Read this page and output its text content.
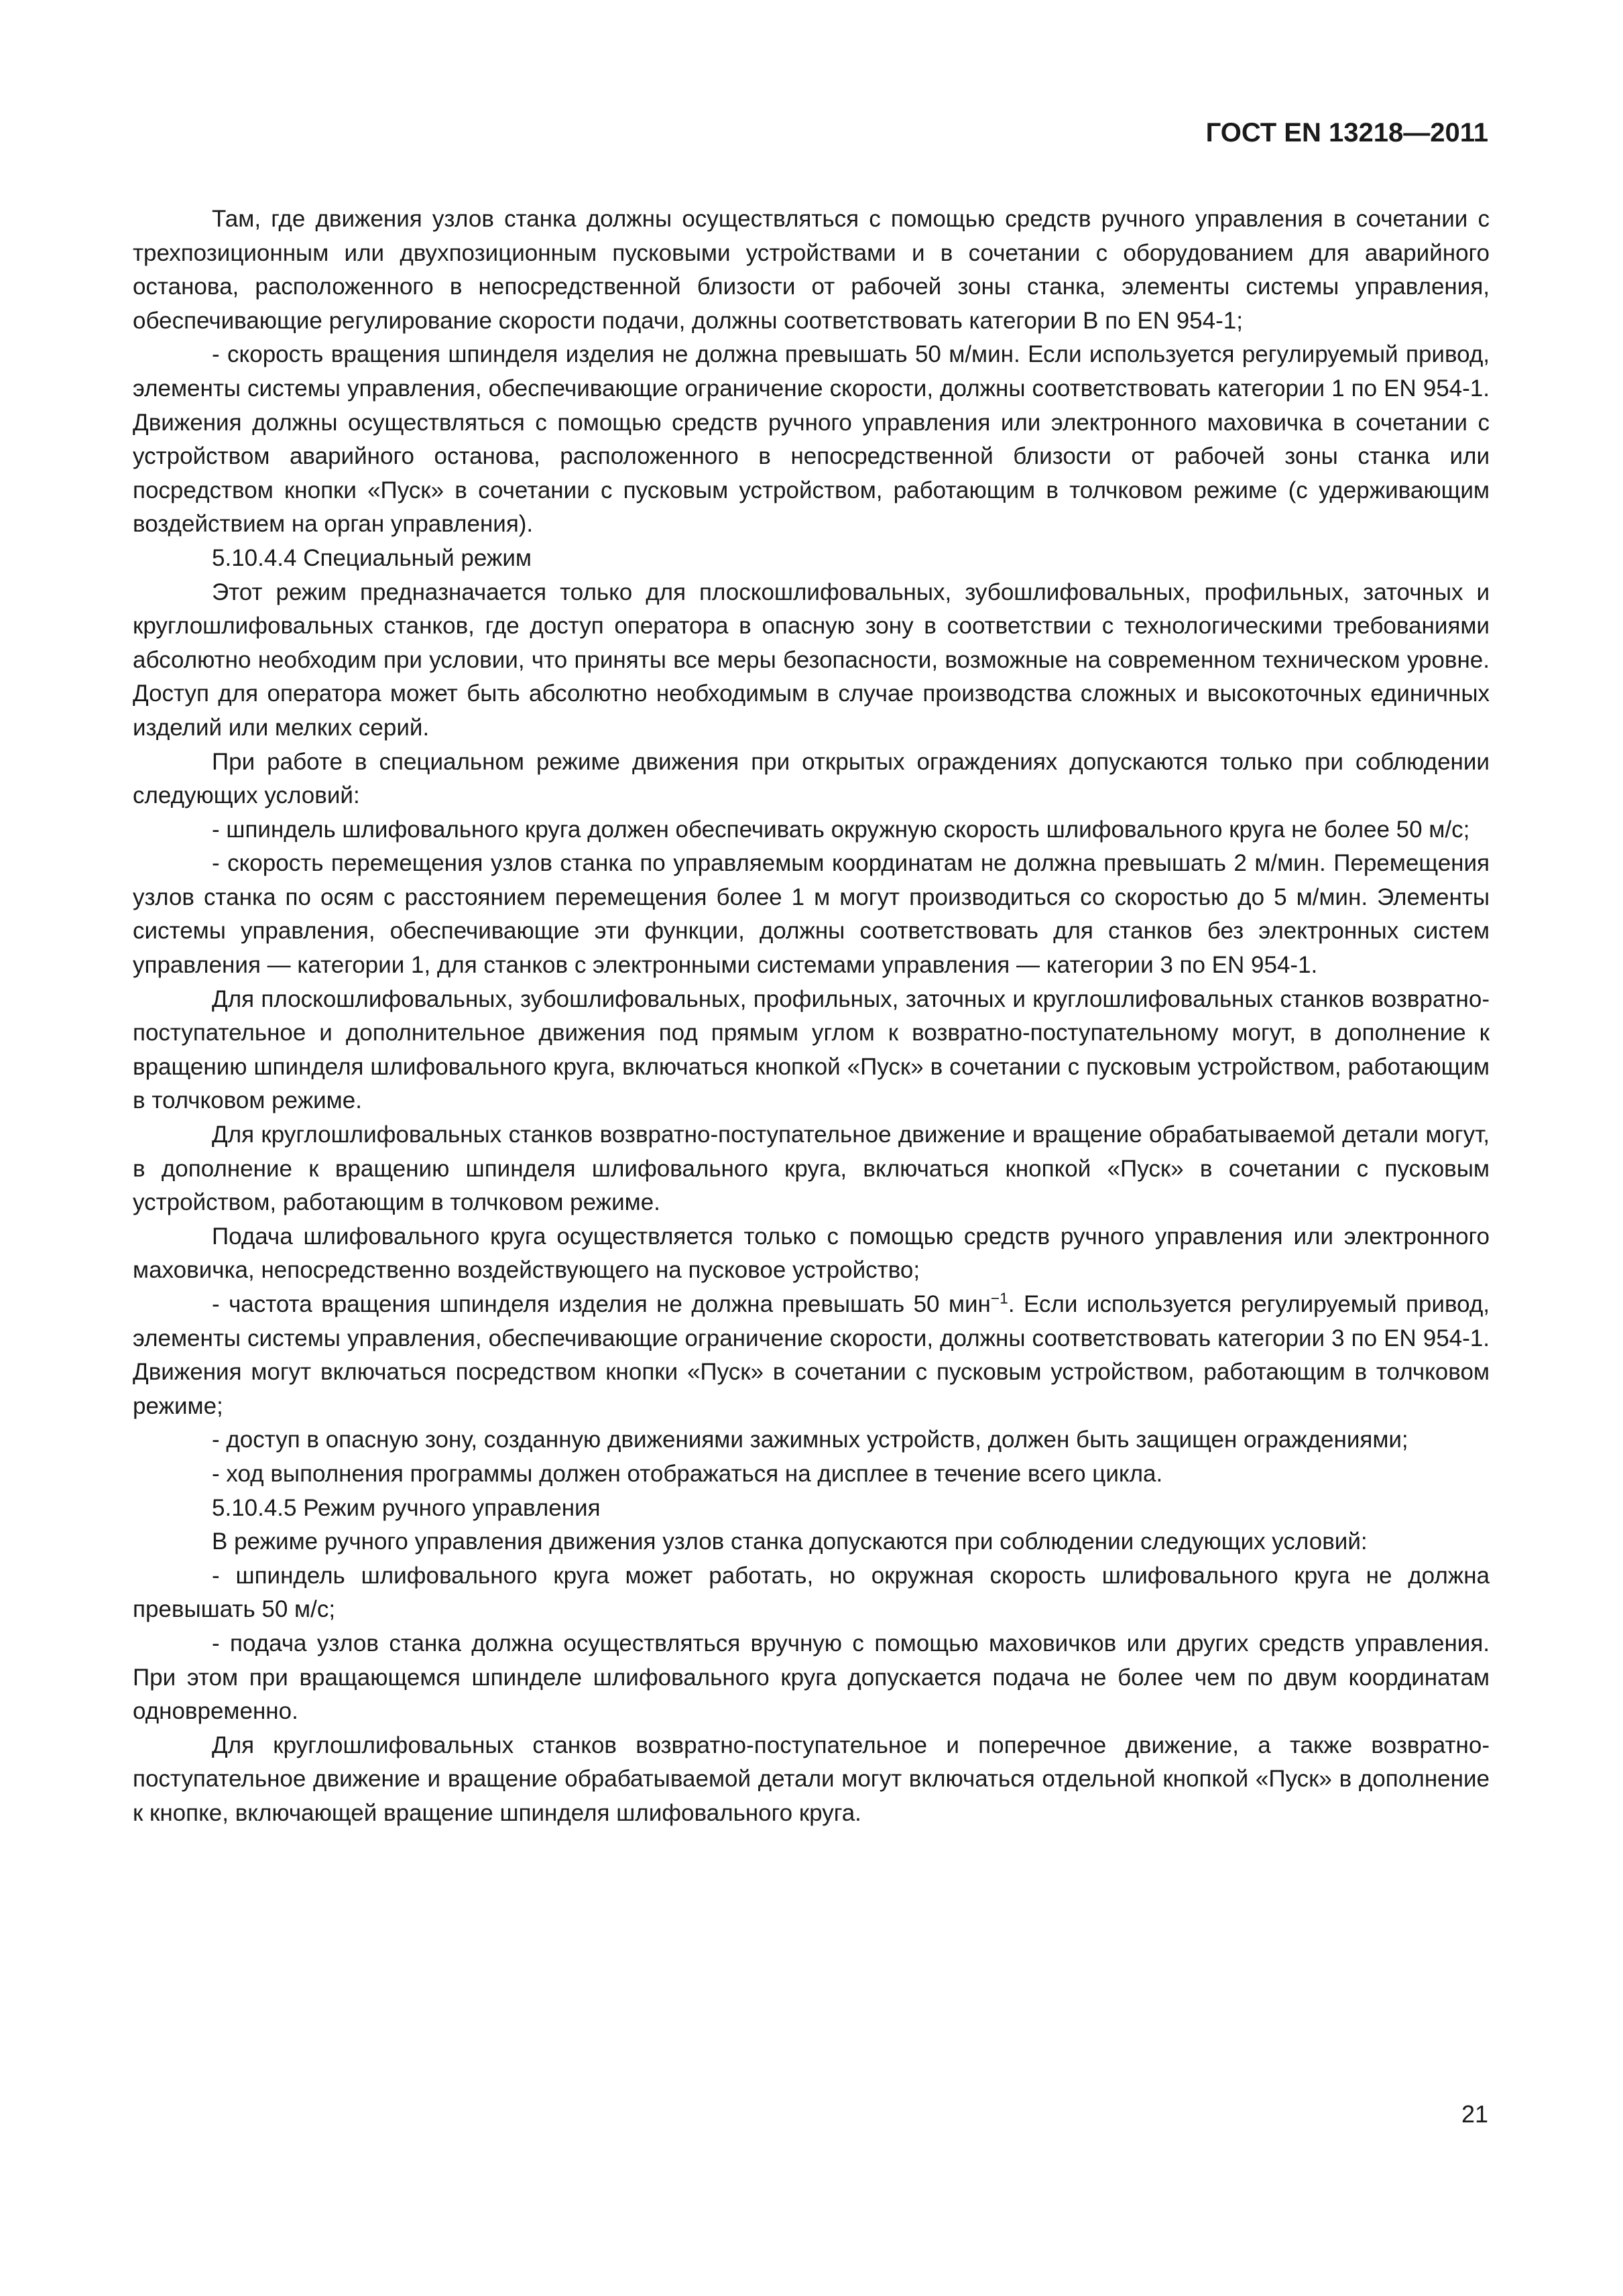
ГОСТ EN 13218—2011

Там, где движения узлов станка должны осуществляться с помощью средств ручного управления в сочетании с трехпозиционным или двухпозиционным пусковыми устройствами и в сочетании с оборудованием для аварийного останова, расположенного в непосредственной близости от рабочей зоны станка, элементы системы управления, обеспечивающие регулирование скорости подачи, должны соответствовать категории В по EN 954-1;

- скорость вращения шпинделя изделия не должна превышать 50 м/мин. Если используется регулируемый привод, элементы системы управления, обеспечивающие ограничение скорости, должны соответствовать категории 1 по EN 954-1. Движения должны осуществляться с помощью средств ручного управления или электронного маховичка в сочетании с устройством аварийного останова, расположенного в непосредственной близости от рабочей зоны станка или посредством кнопки «Пуск» в сочетании с пусковым устройством, работающим в толчковом режиме (с удерживающим воздействием на орган управления).

5.10.4.4 Специальный режим

Этот режим предназначается только для плоскошлифовальных, зубошлифовальных, профильных, заточных и круглошлифовальных станков, где доступ оператора в опасную зону в соответствии с технологическими требованиями абсолютно необходим при условии, что приняты все меры безопасности, возможные на современном техническом уровне. Доступ для оператора может быть абсолютно необходимым в случае производства сложных и высокоточных единичных изделий или мелких серий.

При работе в специальном режиме движения при открытых ограждениях допускаются только при соблюдении следующих условий:

- шпиндель шлифовального круга должен обеспечивать окружную скорость шлифовального круга не более 50 м/с;

- скорость перемещения узлов станка по управляемым координатам не должна превышать 2 м/мин. Перемещения узлов станка по осям с расстоянием перемещения более 1 м могут производиться со скоростью до 5 м/мин. Элементы системы управления, обеспечивающие эти функции, должны соответствовать для станков без электронных систем управления — категории 1, для станков с электронными системами управления — категории 3 по EN 954-1.

Для плоскошлифовальных, зубошлифовальных, профильных, заточных и круглошлифовальных станков возвратно-поступательное и дополнительное движения под прямым углом к возвратно-поступательному могут, в дополнение к вращению шпинделя шлифовального круга, включаться кнопкой «Пуск» в сочетании с пусковым устройством, работающим в толчковом режиме.

Для круглошлифовальных станков возвратно-поступательное движение и вращение обрабатываемой детали могут, в дополнение к вращению шпинделя шлифовального круга, включаться кнопкой «Пуск» в сочетании с пусковым устройством, работающим в толчковом режиме.

Подача шлифовального круга осуществляется только с помощью средств ручного управления или электронного маховичка, непосредственно воздействующего на пусковое устройство;

- частота вращения шпинделя изделия не должна превышать 50 мин$^{-1}$. Если используется регулируемый привод, элементы системы управления, обеспечивающие ограничение скорости, должны соответствовать категории 3 по EN 954-1. Движения могут включаться посредством кнопки «Пуск» в сочетании с пусковым устройством, работающим в толчковом режиме;

- доступ в опасную зону, созданную движениями зажимных устройств, должен быть защищен ограждениями;

- ход выполнения программы должен отображаться на дисплее в течение всего цикла.

5.10.4.5 Режим ручного управления

В режиме ручного управления движения узлов станка допускаются при соблюдении следующих условий:

- шпиндель шлифовального круга может работать, но окружная скорость шлифовального круга не должна превышать 50 м/с;

- подача узлов станка должна осуществляться вручную с помощью маховичков или других средств управления. При этом при вращающемся шпинделе шлифовального круга допускается подача не более чем по двум координатам одновременно.

Для круглошлифовальных станков возвратно-поступательное и поперечное движение, а также возвратно-поступательное движение и вращение обрабатываемой детали могут включаться отдельной кнопкой «Пуск» в дополнение к кнопке, включающей вращение шпинделя шлифовального круга.

21
